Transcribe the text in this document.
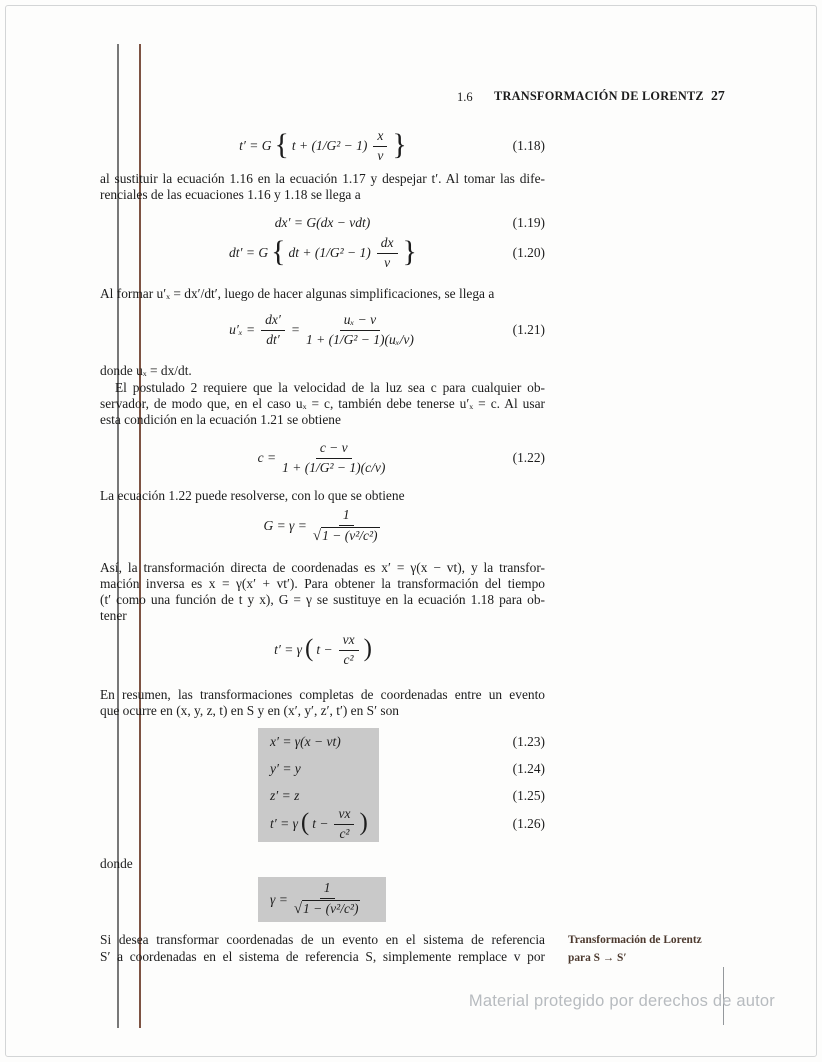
1.6 TRANSFORMACIÓN DE LORENTZ 27
t′ = G { $t + (1/G^2 - 1) \frac{x}{v}$ }	(1.18)
al sustituir la ecuación 1.16 en la ecuación 1.17 y despejar t′. Al tomar las dife-
renciales de las ecuaciones 1.16 y 1.18 se llega a
dx′ = G(dx − vdt)	(1.19)
dt′ = G { dt + $(1/G^2 - 1) \frac{dx}{v}$ }	(1.20)
Al formar u′ₓ = dx′/dt′, luego de hacer algunas simplificaciones, se llega a
$u'_x = \frac{dx'}{dt'} = \frac{\text{uₓ − v}}{\text{1 + (1/G² − 1)(uₓ/v)}}$	(1.21)
donde uₓ = dx/dt.
El postulado 2 requiere que la velocidad de la luz sea c para cualquier ob-
servador, de modo que, en el caso uₓ = c, también debe tenerse u′ₓ = c. Al usar
esta condición en la ecuación 1.21 se obtiene
$c = \frac{c - v}{\text{1 + (1/G² − 1)(c/v)}}$	(1.22)
La ecuación 1.22 puede resolverse, con lo que se obtiene
$G = \gamma = \frac{1}{\text{√1 − (v²/c²)}}$
Así, la transformación directa de coordenadas es x′ = γ(x − vt), y la transfor-
mación inversa es x = γ(x′ + vt′). Para obtener la transformación del tiempo
(t′ como una función de t y x), G = γ se sustituye en la ecuación 1.18 para ob-
tener
t′ = γ ( $t - \frac{vx}{\text{c²}}$ )
En resumen, las transformaciones completas de coordenadas entre un evento
que ocurre en (x, y, z, t) en S y en (x′, y′, z′, t′) en S′ son
x′ = γ(x − vt)	(1.23)
y′ = y	(1.24)
z′ = z	(1.25)
t′ = γ ( $t - \frac{vx}{\text{c²}}$ )	(1.26)
donde
$\gamma = \frac{1}{\text{√1 − (v²/c²)}}$
Si desea transformar coordenadas de un evento en el sistema de referencia
S′ a coordenadas en el sistema de referencia S, simplemente remplace v por
Transformación de Lorentz
para S → S′
Material protegido por derechos de autor
